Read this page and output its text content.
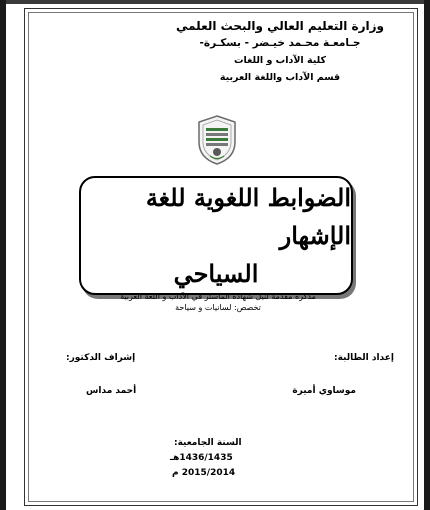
وزارة التعليم العالي والبحث العلمي
جـامعـة محـمد خيـضر - بسكـرة-
كلية الآداب و اللغات
قسم الآداب واللغة العربية
الضوابط اللغوية للغة الإشهار
السياحي
مذكرة مقدمة لنيل شهادة الماستر في الآداب و اللغة العربية
تخصص: لسانيات و سياحة
إعداد الطالبة:
إشراف الدكتور:
موساوي أميرة
أحمد مداس
السنة الجامعية:
1436/1435هـ
2015/2014 م
